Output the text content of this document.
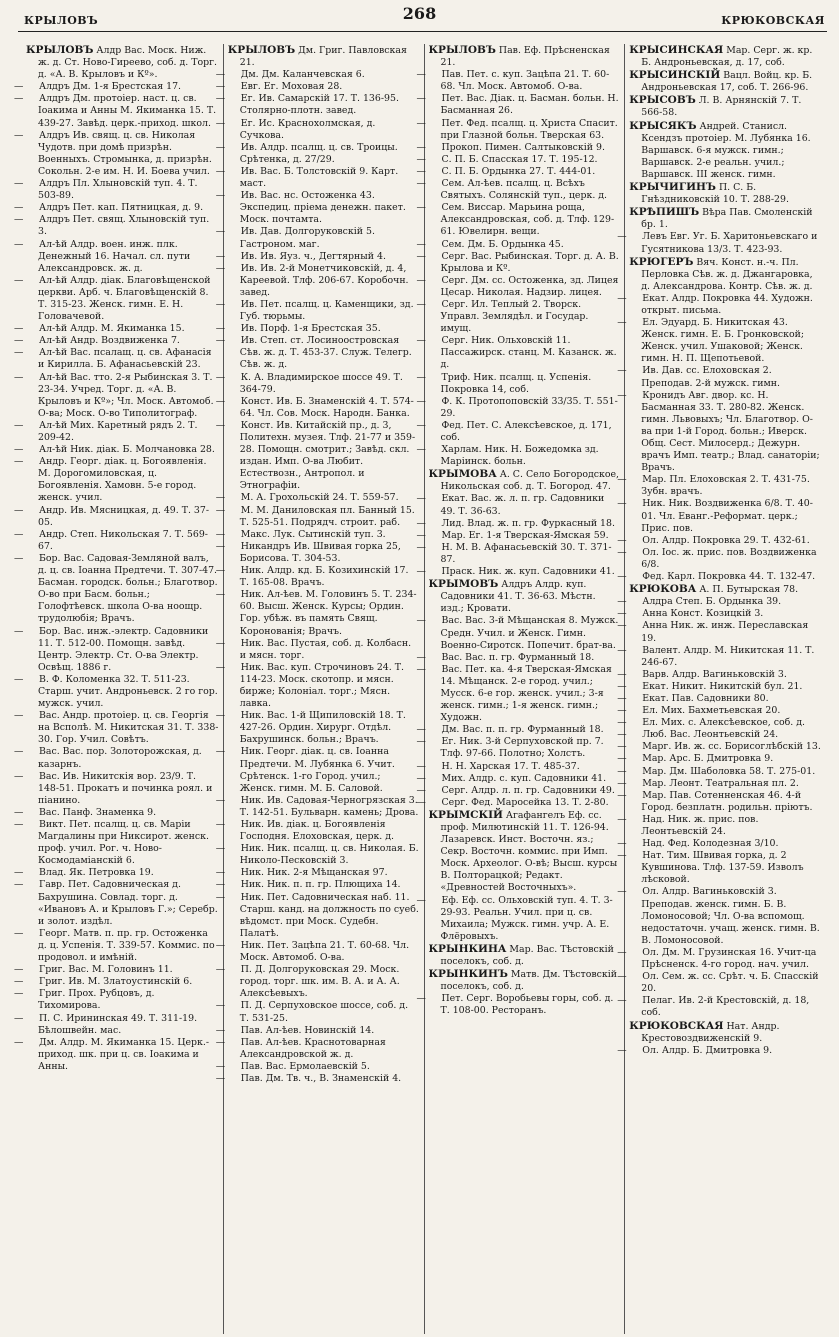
КРЫЛОВЪ	268	КРЮКОВСКАЯ

КРЫЛОВЪ Алдр Вас. Моск. Ниж. ж. д. Ст. Ново-Гиреево, соб. д. Торг. д. «А. В. Крыловъ и Кº».

— Алдръ Дм. 1-я Брестская 17.

— Алдръ Дм. протоіер. наст. ц. св. Іоакима и Анны М. Якиманка 15. Т. 439-27. Завѣд. церк.-приход. школ.

— Алдръ Ив. свящ. ц. св. Николая Чудотв. при домѣ призрѣн. Военныхъ. Стромынка, д. призрѣн. Сокольн. 2-е им. Н. И. Боева учил.

— Алдръ Пл. Хлыновскій туп. 4. Т. 503-89.

— Алдръ Пет. кап. Пятницкая, д. 9.

— Алдръ Пет. свящ. Хлыновскій туп. 3.

— Ал-ѣй Алдр. воен. инж. плк. Денежный 16. Начал. сл. пути Александровск. ж. д.

— Ал-ѣй Алдр. діак. Благовѣщенской церкви. Арб. ч. Благовѣщенскій 8. Т. 315-23. Женск. гимн. Е. Н. Головачевой.

— Ал-ѣй Алдр. М. Якиманка 15.

— Ал-ѣй Андр. Воздвиженка 7.

— Ал-ѣй Вас. псалащ. ц. св. Афанасія и Кирилла. Б. Афанасьевскій 23.

— Ал-ѣй Вас. тто. 2-я Рыбинская 3. Т. 23-34. Учред. Торг. д. «А. В. Крыловъ и Кº»; Чл. Моск. Автомоб. О-ва; Моск. О-во Типолитограф.

— Ал-ѣй Мих. Каретный рядъ 2. Т. 209-42.

— Ал-ѣй Ник. діак. Б. Молчановка 28.

— Андр. Георг. діак. ц. Богоявленія. М. Дорогомиловская, ц. Богоявленія. Хамовн. 5-е город. женск. учил.

— Андр. Ив. Мясницкая, д. 49. Т. 37-05.

— Андр. Степ. Никольская 7. Т. 569-67.

— Бор. Вас. Садовая-Земляной валъ, д. ц. св. Іоанна Предтечи. Т. 307-47. Басман. городск. больн.; Благотвор. О-во при Басм. больн.; Голофтѣевск. школа О-ва ноощр. трудолюбія; Врачъ.

— Бор. Вас. инж.-электр. Садовники 11. Т. 512-00. Помощн. завѣд. Центр. Электр. Ст. О-ва Электр. Освѣщ. 1886 г.

— В. Ф. Коломенка 32. Т. 511-23. Старш. учит. Андроньевск. 2 го гор. мужск. учил.

— Вас. Андр. протоіер. ц. св. Георгія на Всполѣ. М. Никитская 31. Т. 338-30. Гор. Учил. Совѣтъ.

— Вас. Вас. пор. Золоторожская, д. казарнъ.

— Вас. Ив. Никитскія вор. 23/9. Т. 148-51. Прокатъ и починка роял. и піанино.

— Вас. Панф. Знаменка 9.

— Викт. Пет. псалщ. ц. св. Маріи Магдалины при Никсирот. женск. проф. учил. Рог. ч. Ново-Космодаміанскій 6.

— Влад. Як. Петровка 19.

— Гавр. Пет. Садовническая д. Бахрушина. Совлад. торг. д. «Ивановъ А. и Крыловъ Г.»; Серебр. и золот. издѣл.

— Георг. Матв. п. пр. гр. Остоженка д. ц. Успенія. Т. 339-57. Коммис. по продовол. и имѣній.

— Григ. Вас. М. Головинъ 11.

— Григ. Ив. М. Златоустинскій 6.

— Григ. Прох. Рубцовъ, д. Тихомирова.

— П. С. Ирининская 49. Т. 311-19. Бѣлошвейн. мас.

— Дм. Алдр. М. Якиманка 15. Церк.-приход. шк. при ц. св. Іоакима и Анны.

КРЫЛОВЪ Дм. Григ. Павловская 21.

— Дм. Дм. Каланчевская 6.

— Евг. Ег. Моховая 28.

— Ег. Ив. Самарскій 17. Т. 136-95. Столярно-плотн. завед.

— Ег. Ис. Краснохолмская, д. Сучкова.

— Ив. Алдр. псалщ. ц. св. Троицы. Срѣтенка, д. 27/29.

— Ив. Вас. Б. Толстовскій 9. Карт. маст.

— Ив. Вас. нс. Остоженка 43. Экспедиц. пріема денежн. пакет. Моск. почтамта.

— Ив. Дав. Долгоруковскій 5. Гастроном. маг.

— Ив. Ив. Яуз. ч., Дегтярный 4.

— Ив. Ив. 2-й Монетчиковскій, д. 4, Кареевой. Тлф. 206-67. Коробочн. завед.

— Ив. Пет. псалщ. ц. Каменщики, зд. Губ. тюрьмы.

— Ив. Порф. 1-я Брестская 35.

— Ив. Степ. ст. Лосиноостровская Сѣв. ж. д. Т. 453-37. Служ. Телегр. Сѣв. ж. д.

— К. А. Владимирское шоссе 49. Т. 364-79.

— Конст. Ив. Б. Знаменскій 4. Т. 574-64. Чл. Сов. Моск. Народн. Банка.

— Конст. Ив. Китайскій пр., д. 3, Политехн. музея. Тлф. 21-77 и 359-28. Помощн. смотрит.; Завѣд. скл. издан. Имп. О-ва Любит. Естествозн., Антропол. и Этнографіи.

— М. А. Грохольскій 24. Т. 559-57.

— М. М. Даниловская пл. Банный 15. Т. 525-51. Подрядч. строит. раб.

— Макс. Лук. Сытинскій туп. 3.

— Никандръ Ив. Швивая горка 25, Борисова. Т. 304-53.

— Ник. Алдр. кд. Б. Козихинскій 17. Т. 165-08. Врачъ.

— Ник. Ал-ѣев. М. Головинъ 5. Т. 234-60. Высш. Женск. Курсы; Ордин. Гор. убѣж. въ память Свящ. Коронованія; Врачъ.

— Ник. Вас. Пустая, соб. д. Колбасн. и мясн. торг.

— Ник. Вас. куп. Строчиновъ 24. Т. 114-23. Моск. скотопр. и мясн. бирже; Колоніал. торг.; Мясн. лавка.

— Ник. Вас. 1-й Щипиловскій 18. Т. 427-26. Ордин. Хирург. Отдѣл. Бахрушинск. больн.; Врачъ.

— Ник. Георг. діак. ц. св. Іоанна Предтечи. М. Лубянка 6. Учит. Срѣтенск. 1-го Город. учил.; Женск. гимн. М. Б. Саловой.

— Ник. Ив. Садовая-Черногрязская 3. Т. 142-51. Бульварн. камень; Дрова.

— Ник. Ив. діак. ц. Богоявленія Господня. Елоховская, церк. д.

— Ник. Ник. псалщ. ц. св. Николая. Б. Николо-Песковскій 3.

— Ник. Ник. 2-я Мѣщанская 97.

— Ник. Ник. п. п. гр. Плющиха 14.

— Ник. Пет. Садовническая наб. 11. Старш. канд. на должность по суеб. вѣдомст. при Моск. Судебн. Палатѣ.

— Ник. Пет. Зацѣпа 21. Т. 60-68. Чл. Моск. Автомоб. О-ва.

— П. Д. Долгоруковская 29. Моск. город. торг. шк. им. В. А. и А. А. Алексѣевыхъ.

— П. Д. Серпуховское шоссе, соб. д. Т. 531-25.

— Пав. Ал-ѣев. Новинскій 14.

— Пав. Ал-ѣев. Краснотоварная Александровской ж. д.

— Пав. Вас. Ермолаевскій 5.

— Пав. Дм. Тв. ч., В. Знаменскій 4.

КРЫЛОВЪ Пав. Еф. Прѣсненская 21.

— Пав. Пет. с. куп. Зацѣпа 21. Т. 60-68. Чл. Моск. Автомоб. О-ва.

— Пет. Вас. Діак. ц. Басман. больн. Н. Басманная 26.

— Пет. Фед. псалщ. ц. Христа Спасит. при Глазной больн. Тверская 63.

— Прокоп. Пимен. Салтыковскій 9.

— С. П. Б. Спасская 17. Т. 195-12.

— С. П. Б. Ордынка 27. Т. 444-01.

— Сем. Ал-ѣев. псалщ. ц. Всѣхъ Святыхъ. Солянскій туп., церк. д.

— Сем. Виссар. Марьина роща, Александровская, соб. д. Тлф. 129-61. Ювелирн. вещи.

— Сем. Дм. Б. Ордынка 45.

— Серг. Вас. Рыбинская. Торг. д. А. В. Крылова и Кº.

— Серг. Дм. сс. Остоженка, зд. Лицея Цесар. Николая. Надзир. лицея.

— Серг. Ил. Теплый 2. Творск. Управл. Землядѣл. и Государ. имущ.

— Серг. Ник. Ольховскій 11. Пассажирск. станц. М. Казанск. ж. д.

— Триф. Ник. псалщ. ц. Успенія. Покровка 14, соб.

— Ф. К. Протопоповскій 33/35. Т. 551-29.

— Фед. Пет. С. Алексѣевское, д. 171, соб.

— Харлам. Ник. Н. Божедомка зд. Маріинск. больн.

КРЫМОВА А. С. Село Богородское, Никольская соб. д. Т. Богород. 47.

— Екат. Вас. ж. л. п. гр. Садовники 49. Т. 36-63.

— Лид. Влад. ж. п. гр. Фуркасный 18.

— Мар. Ег. 1-я Тверская-Ямская 59.

— Н. М. В. Афанасьевскій 30. Т. 371-87.

— Праск. Ник. ж. куп. Садовники 41.

КРЫМОВЪ Алдръ Алдр. куп. Садовники 41. Т. 36-63. Мѣстн. изд.; Кровати.

— Вас. Вас. 3-й Мѣщанская 8. Мужск. Средн. Учил. и Женск. Гимн. Военно-Сиротск. Попечит. брат-ва.

— Вас. Вас. п. гр. Фурманный 18.

— Вас. Пет. ка. 4-я Тверская-Ямская 14. Мѣщанск. 2-е город. учил.; Мусск. 6-е гор. женск. учил.; 3-я женск. гимн.; 1-я женск. гимн.; Художн.

— Дм. Вас. п. п. гр. Фурманный 18.

— Ег. Ник. 3-й Серпуховской пр. 7. Тлф. 97-66. Полотно; Холстъ.

— Н. Н. Харская 17. Т. 485-37.

— Мих. Алдр. с. куп. Садовники 41.

— Серг. Алдр. л. п. гр. Садовники 49.

— Серг. Фед. Маросейка 13. Т. 2-80.

КРЫМСКІЙ Агафангелъ Еф. сс. проф. Милютинскій 11. Т. 126-94. Лазаревск. Инст. Восточн. яз.; Секр. Восточн. коммис. при Имп. Моск. Археолог. О-вѣ; Высш. курсы В. Полторацкой; Редакт. «Древностей Восточныхъ».

— Еф. Еф. сс. Ольховскій туп. 4. Т. 3-29-93. Реальн. Учил. при ц. св. Михаила; Мужск. гимн. учр. А. Е. Флёровыхъ.

КРЫНКИНА Мар. Вас. Тѣстовскій поселокъ, соб. д.

КРЫНКИНЪ Матв. Дм. Тѣстовскій поселокъ, соб. д.

— Пет. Серг. Воробьевы горы, соб. д. Т. 108-00. Ресторанъ.

КРЫСИНСКАЯ Мар. Серг. ж. кр. Б. Андроньевская, д. 17, соб.

КРЫСИНСКІЙ Вацл. Войц. кр. Б. Андроньевская 17, соб. Т. 266-96.

КРЫСОВЪ Л. В. Арнянскій 7. Т. 566-58.

КРЫСЯКЪ Андрей. Станисл. Ксендзъ протоіер. М. Лубянка 16. Варшавск. 6-я мужск. гимн.; Варшавск. 2-е реальн. учил.; Варшавск. III женск. гимн.

КРЫЧИГИНЪ П. С. Б. Гнѣздниковскій 10. Т. 288-29.

КРѢПИШЪ Вѣра Пав. Смоленскій бр. 1.

— Левъ Евг. Уг. Б. Харитоньевскаго и Гусятникова 13/3. Т. 423-93.

КРЮГЕРЪ Вяч. Конст. н.-ч. Пл. Перловка Сѣв. ж. д. Джангаровка, д. Александрова. Контр. Сѣв. ж. д.

— Екат. Алдр. Покровка 44. Художн. открыт. письма.

— Ел. Эдуард. Б. Никитская 43. Женск. гимн. Е. Б. Гронковской; Женск. учил. Ушаковой; Женск. гимн. Н. П. Щепотьевой.

— Ив. Дав. сс. Елоховская 2. Преподав. 2-й мужск. гимн.

— Кронидъ Авг. двор. кс. Н. Басманная 33. Т. 280-82. Женск. гимн. Львовыхъ; Чл. Благотвор. О-ва при 1-й Город. больн.; Иверск. Общ. Сест. Милосерд.; Дежурн. врачъ Имп. театр.; Влад. санаторіи; Врачъ.

— Мар. Пл. Елоховская 2. Т. 431-75. Зубн. врачъ.

— Ник. Ник. Воздвиженка 6/8. Т. 40-01. Чл. Еванг.-Реформат. церк.; Прис. пов.

— Ол. Алдр. Покровка 29. Т. 432-61.

— Ол. Іос. ж. прис. пов. Воздвиженка 6/8.

— Фед. Карл. Покровка 44. Т. 132-47.

КРЮКОВА А. П. Бутырская 78.

— Алдра Степ. Б. Ордынка 39.

— Анна Конст. Козицкій 3.

— Анна Ник. ж. инж. Переславская 19.

— Валент. Алдр. М. Никитская 11. Т. 246-67.

— Варв. Алдр. Вагиньковскій 3.

— Екат. Никит. Никитскій бул. 21.

— Екат. Пав. Садовники 80.

— Ел. Мих. Бахметьевская 20.

— Ел. Мих. с. Алексѣевское, соб. д.

— Люб. Вас. Леонтьевскій 24.

— Марг. Ив. ж. сс. Борисоглѣбскій 13.

— Мар. Арс. Б. Дмитровка 9.

— Мар. Дм. Шаболовка 58. Т. 275-01.

— Мар. Леонт. Театральная пл. 2.

— Мар. Пав. Сотенненская 46. 4-й Город. безплатн. родильн. пріютъ.

— Над. Ник. ж. прис. пов. Леонтьевскій 24.

— Над. Фед. Колодезная 3/10.

— Нат. Тим. Швивая горка, д. 2 Кувшинова. Тлф. 137-59. Изволъ лѣсковой.

— Ол. Алдр. Вагиньковскій 3. Преподав. женск. гимн. Б. В. Ломоносовой; Чл. О-ва вспомощ. недостаточн. учащ. женск. гимн. В. В. Ломоносовой.

— Ол. Дм. М. Грузинская 16. Учит-ца Прѣсненск. 4-го город. нач. учил.

— Ол. Сем. ж. сс. Срѣт. ч. Б. Спасскій 20.

— Пелаг. Ив. 2-й Крестовскій, д. 18, соб.

КРЮКОВСКАЯ Нат. Андр. Крестовоздвиженскій 9.

— Ол. Алдр. Б. Дмитровка 9.
